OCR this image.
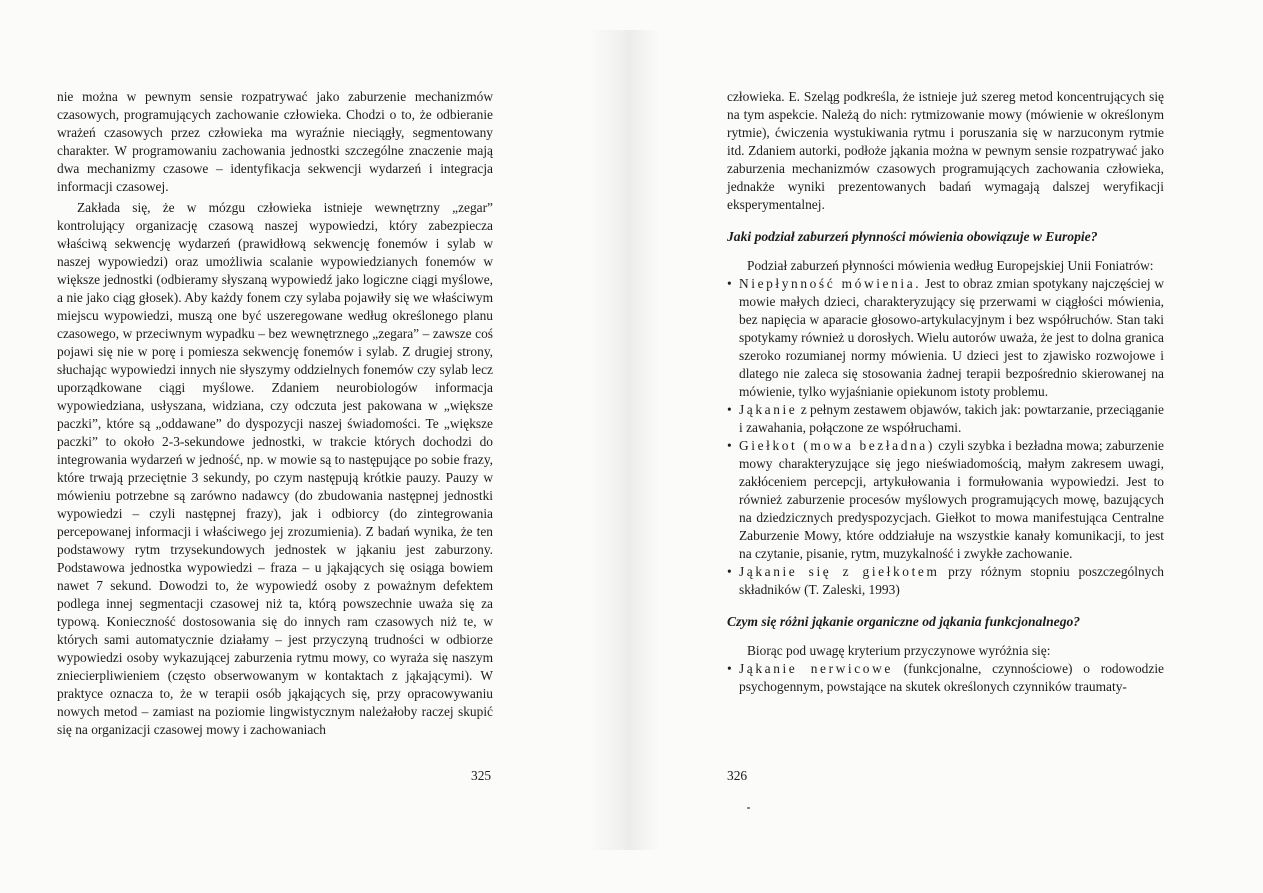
nie można w pewnym sensie rozpatrywać jako zaburzenie mechanizmów czasowych, programujących zachowanie człowieka. Chodzi o to, że odbieranie wrażeń czasowych przez człowieka ma wyraźnie nieciągły, segmentowany charakter. W programowaniu zachowania jednostki szczególne znaczenie mają dwa mechanizmy czasowe – identyfikacja sekwencji wydarzeń i integracja informacji czasowej.

Zakłada się, że w mózgu człowieka istnieje wewnętrzny „zegar” kontrolujący organizację czasową naszej wypowiedzi, który zabezpiecza właściwą sekwencję wydarzeń (prawidłową sekwencję fonemów i sylab w naszej wypowiedzi) oraz umożliwia scalanie wypowiedzianych fonemów w większe jednostki (odbieramy słyszaną wypowiedź jako logiczne ciągi myślowe, a nie jako ciąg głosek). Aby każdy fonem czy sylaba pojawiły się we właściwym miejscu wypowiedzi, muszą one być uszeregowane według określonego planu czasowego, w przeciwnym wypadku – bez wewnętrznego „zegara” – zawsze coś pojawi się nie w porę i pomiesza sekwencję fonemów i sylab. Z drugiej strony, słuchając wypowiedzi innych nie słyszymy oddzielnych fonemów czy sylab lecz uporządkowane ciągi myślowe. Zdaniem neurobiologów informacja wypowiedziana, usłyszana, widziana, czy odczuta jest pakowana w „większe paczki”, które są „oddawane” do dyspozycji naszej świadomości. Te „większe paczki” to około 2-3-sekundowe jednostki, w trakcie których dochodzi do integrowania wydarzeń w jedność, np. w mowie są to następujące po sobie frazy, które trwają przeciętnie 3 sekundy, po czym następują krótkie pauzy. Pauzy w mówieniu potrzebne są zarówno nadawcy (do zbudowania następnej jednostki wypowiedzi – czyli następnej frazy), jak i odbiorcy (do zintegrowania percepowanej informacji i właściwego jej zrozumienia). Z badań wynika, że ten podstawowy rytm trzysekundowych jednostek w jąkaniu jest zaburzony. Podstawowa jednostka wypowiedzi – fraza – u jąkających się osiąga bowiem nawet 7 sekund. Dowodzi to, że wypowiedź osoby z poważnym defektem podlega innej segmentacji czasowej niż ta, którą powszechnie uważa się za typową. Konieczność dostosowania się do innych ram czasowych niż te, w których sami automatycznie działamy – jest przyczyną trudności w odbiorze wypowiedzi osoby wykazującej zaburzenia rytmu mowy, co wyraża się naszym zniecierpliwieniem (często obserwowanym w kontaktach z jąkającymi). W praktyce oznacza to, że w terapii osób jąkających się, przy opracowywaniu nowych metod – zamiast na poziomie lingwistycznym należałoby raczej skupić się na organizacji czasowej mowy i zachowaniach

325

człowieka. E. Szeląg podkreśla, że istnieje już szereg metod koncentrujących się na tym aspekcie. Należą do nich: rytmizowanie mowy (mówienie w określonym rytmie), ćwiczenia wystukiwania rytmu i poruszania się w narzuconym rytmie itd. Zdaniem autorki, podłoże jąkania można w pewnym sensie rozpatrywać jako zaburzenia mechanizmów czasowych programujących zachowania człowieka, jednakże wyniki prezentowanych badań wymagają dalszej weryfikacji eksperymentalnej.

Jaki podział zaburzeń płynności mówienia obowiązuje w Europie?

Podział zaburzeń płynności mówienia według Europejskiej Unii Foniatrów:

• Niepłynność mówienia. Jest to obraz zmian spotykany najczęściej w mowie małych dzieci, charakteryzujący się przerwami w ciągłości mówienia, bez napięcia w aparacie głosowo-artykulacyjnym i bez współruchów. Stan taki spotykamy również u dorosłych. Wielu autorów uważa, że jest to dolna granica szeroko rozumianej normy mówienia. U dzieci jest to zjawisko rozwojowe i dlatego nie zaleca się stosowania żadnej terapii bezpośrednio skierowanej na mówienie, tylko wyjaśnianie opiekunom istoty problemu.
• Jąkanie z pełnym zestawem objawów, takich jak: powtarzanie, przeciąganie i zawahania, połączone ze współruchami.
• Giełkot (mowa bezładna) czyli szybka i bezładna mowa; zaburzenie mowy charakteryzujące się jego nieświadomością, małym zakresem uwagi, zakłóceniem percepcji, artykułowania i formułowania wypowiedzi. Jest to również zaburzenie procesów myślowych programujących mowę, bazujących na dziedzicznych predyspozycjach. Giełkot to mowa manifestująca Centralne Zaburzenie Mowy, które oddziałuje na wszystkie kanały komunikacji, to jest na czytanie, pisanie, rytm, muzykalność i zwykłe zachowanie.
• Jąkanie się z giełkotem przy różnym stopniu poszczególnych składników (T. Zaleski, 1993)
Czym się różni jąkanie organiczne od jąkania funkcjonalnego?

Biorąc pod uwagę kryterium przyczynowe wyróżnia się:

• Jąkanie nerwicowe (funkcjonalne, czynnościowe) o rodowodzie psychogennym, powstające na skutek określonych czynników traumaty-
326
